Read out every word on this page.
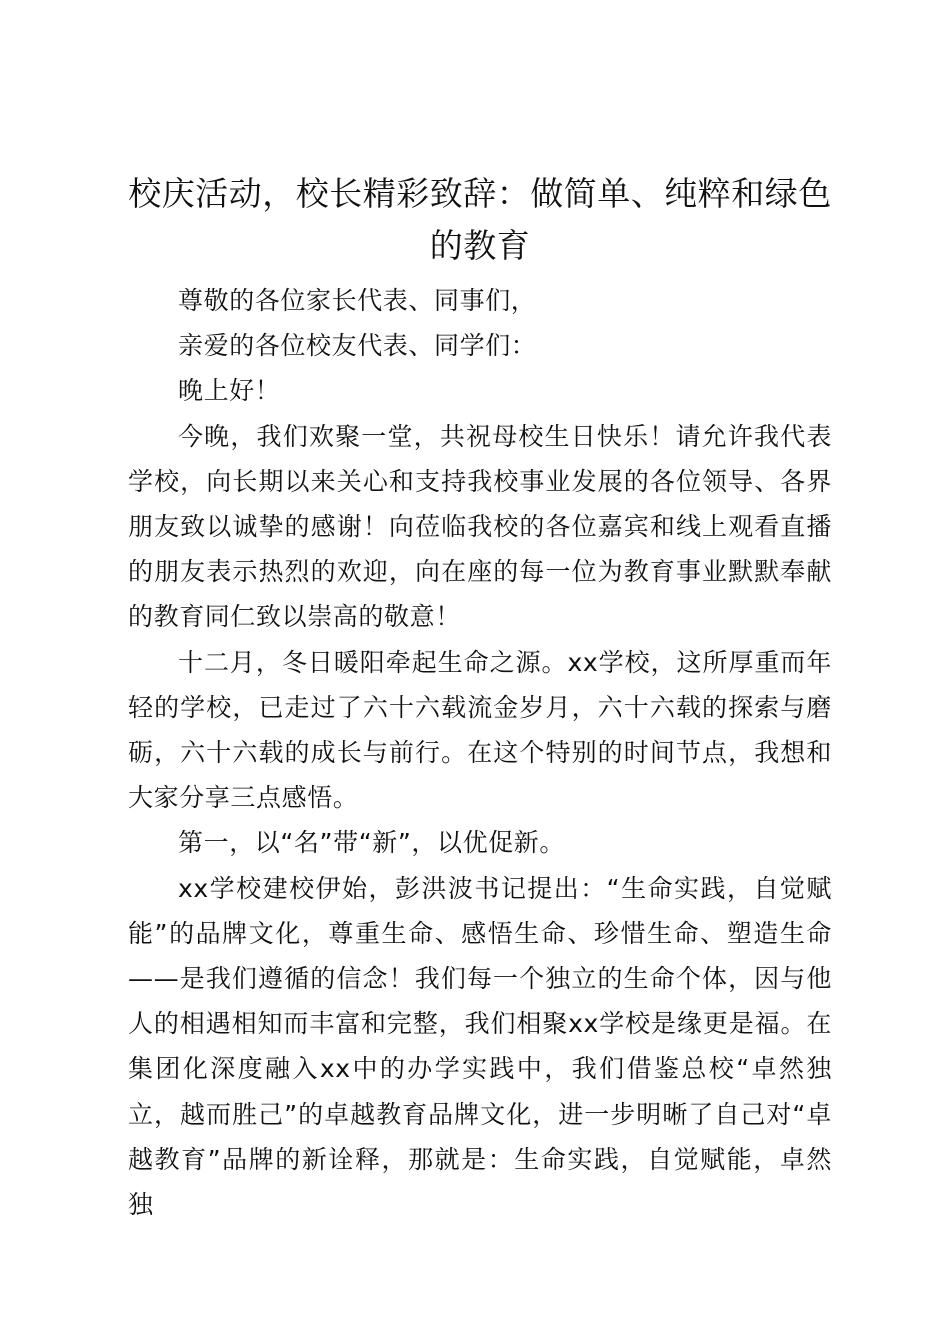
校庆活动，校长精彩致辞：做简单、纯粹和绿色的教育

尊敬的各位家长代表、同事们，

亲爱的各位校友代表、同学们：

晚上好！

今晚，我们欢聚一堂，共祝母校生日快乐！请允许我代表学校，向长期以来关心和支持我校事业发展的各位领导、各界朋友致以诚挚的感谢！向莅临我校的各位嘉宾和线上观看直播的朋友表示热烈的欢迎，向在座的每一位为教育事业默默奉献的教育同仁致以崇高的敬意！

十二月，冬日暖阳牵起生命之源。xx学校，这所厚重而年轻的学校，已走过了六十六载流金岁月，六十六载的探索与磨砺，六十六载的成长与前行。在这个特别的时间节点，我想和大家分享三点感悟。

第一，以“名”带“新”，以优促新。

xx学校建校伊始，彭洪波书记提出：“生命实践，自觉赋能”的品牌文化，尊重生命、感悟生命、珍惜生命、塑造生命——是我们遵循的信念！我们每一个独立的生命个体，因与他人的相遇相知而丰富和完整，我们相聚xx学校是缘更是福。在集团化深度融入xx中的办学实践中，我们借鉴总校“卓然独立，越而胜己”的卓越教育品牌文化，进一步明晰了自己对“卓越教育”品牌的新诠释，那就是：生命实践，自觉赋能，卓然独
